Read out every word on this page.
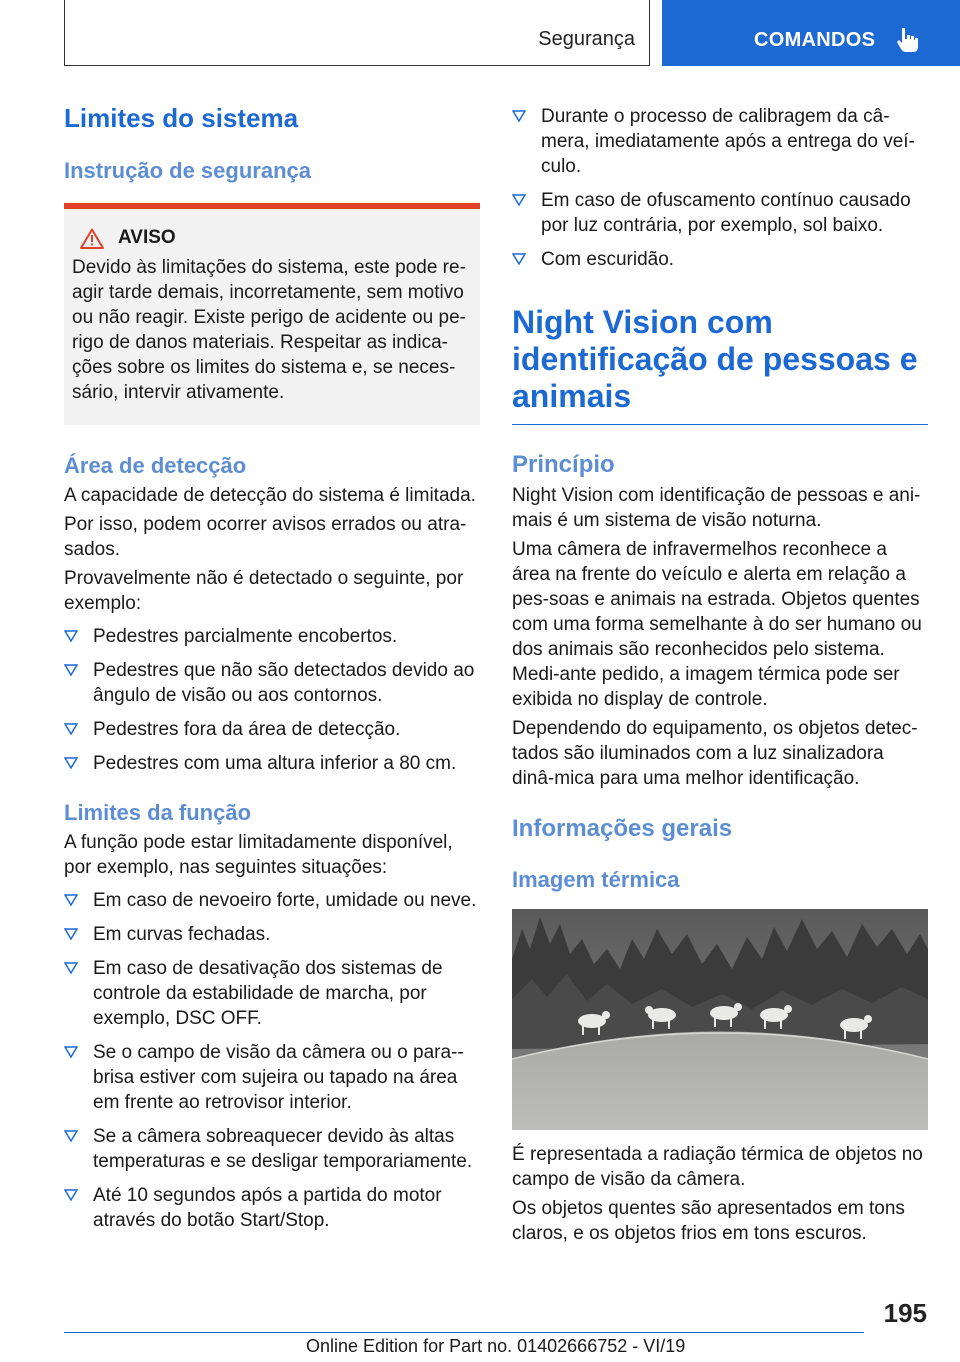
Segurança	COMANDOS
Limites do sistema
Instrução de segurança
AVISO

Devido às limitações do sistema, este pode re-agir tarde demais, incorretamente, sem motivo ou não reagir. Existe perigo de acidente ou pe-rigo de danos materiais. Respeitar as indica-ções sobre os limites do sistema e, se neces-sário, intervir ativamente.

Área de detecção

A capacidade de detecção do sistema é limitada.

Por isso, podem ocorrer avisos errados ou atra-sados.

Provavelmente não é detectado o seguinte, por exemplo:

Pedestres parcialmente encobertos.
Pedestres que não são detectados devido ao ângulo de visão ou aos contornos.
Pedestres fora da área de detecção.
Pedestres com uma altura inferior a 80 cm.
Limites da função

A função pode estar limitadamente disponível, por exemplo, nas seguintes situações:

Em caso de nevoeiro forte, umidade ou neve.
Em curvas fechadas.
Em caso de desativação dos sistemas de controle da estabilidade de marcha, por exemplo, DSC OFF.
Se o campo de visão da câmera ou o para--brisa estiver com sujeira ou tapado na área em frente ao retrovisor interior.
Se a câmera sobreaquecer devido às altas temperaturas e se desligar temporariamente.
Até 10 segundos após a partida do motor através do botão Start/Stop.
Durante o processo de calibragem da câ-mera, imediatamente após a entrega do veí-culo.
Em caso de ofuscamento contínuo causado por luz contrária, por exemplo, sol baixo.
Com escuridão.
Night Vision com identificação de pessoas e animais
Princípio

Night Vision com identificação de pessoas e ani-mais é um sistema de visão noturna.

Uma câmera de infravermelhos reconhece a área na frente do veículo e alerta em relação a pes-soas e animais na estrada. Objetos quentes com uma forma semelhante à do ser humano ou dos animais são reconhecidos pelo sistema. Medi-ante pedido, a imagem térmica pode ser exibida no display de controle.

Dependendo do equipamento, os objetos detec-tados são iluminados com a luz sinalizadora dinâ-mica para uma melhor identificação.

Informações gerais
Imagem térmica

É representada a radiação térmica de objetos no campo de visão da câmera.

Os objetos quentes são apresentados em tons claros, e os objetos frios em tons escuros.

195
Online Edition for Part no. 01402666752 - VI/19
